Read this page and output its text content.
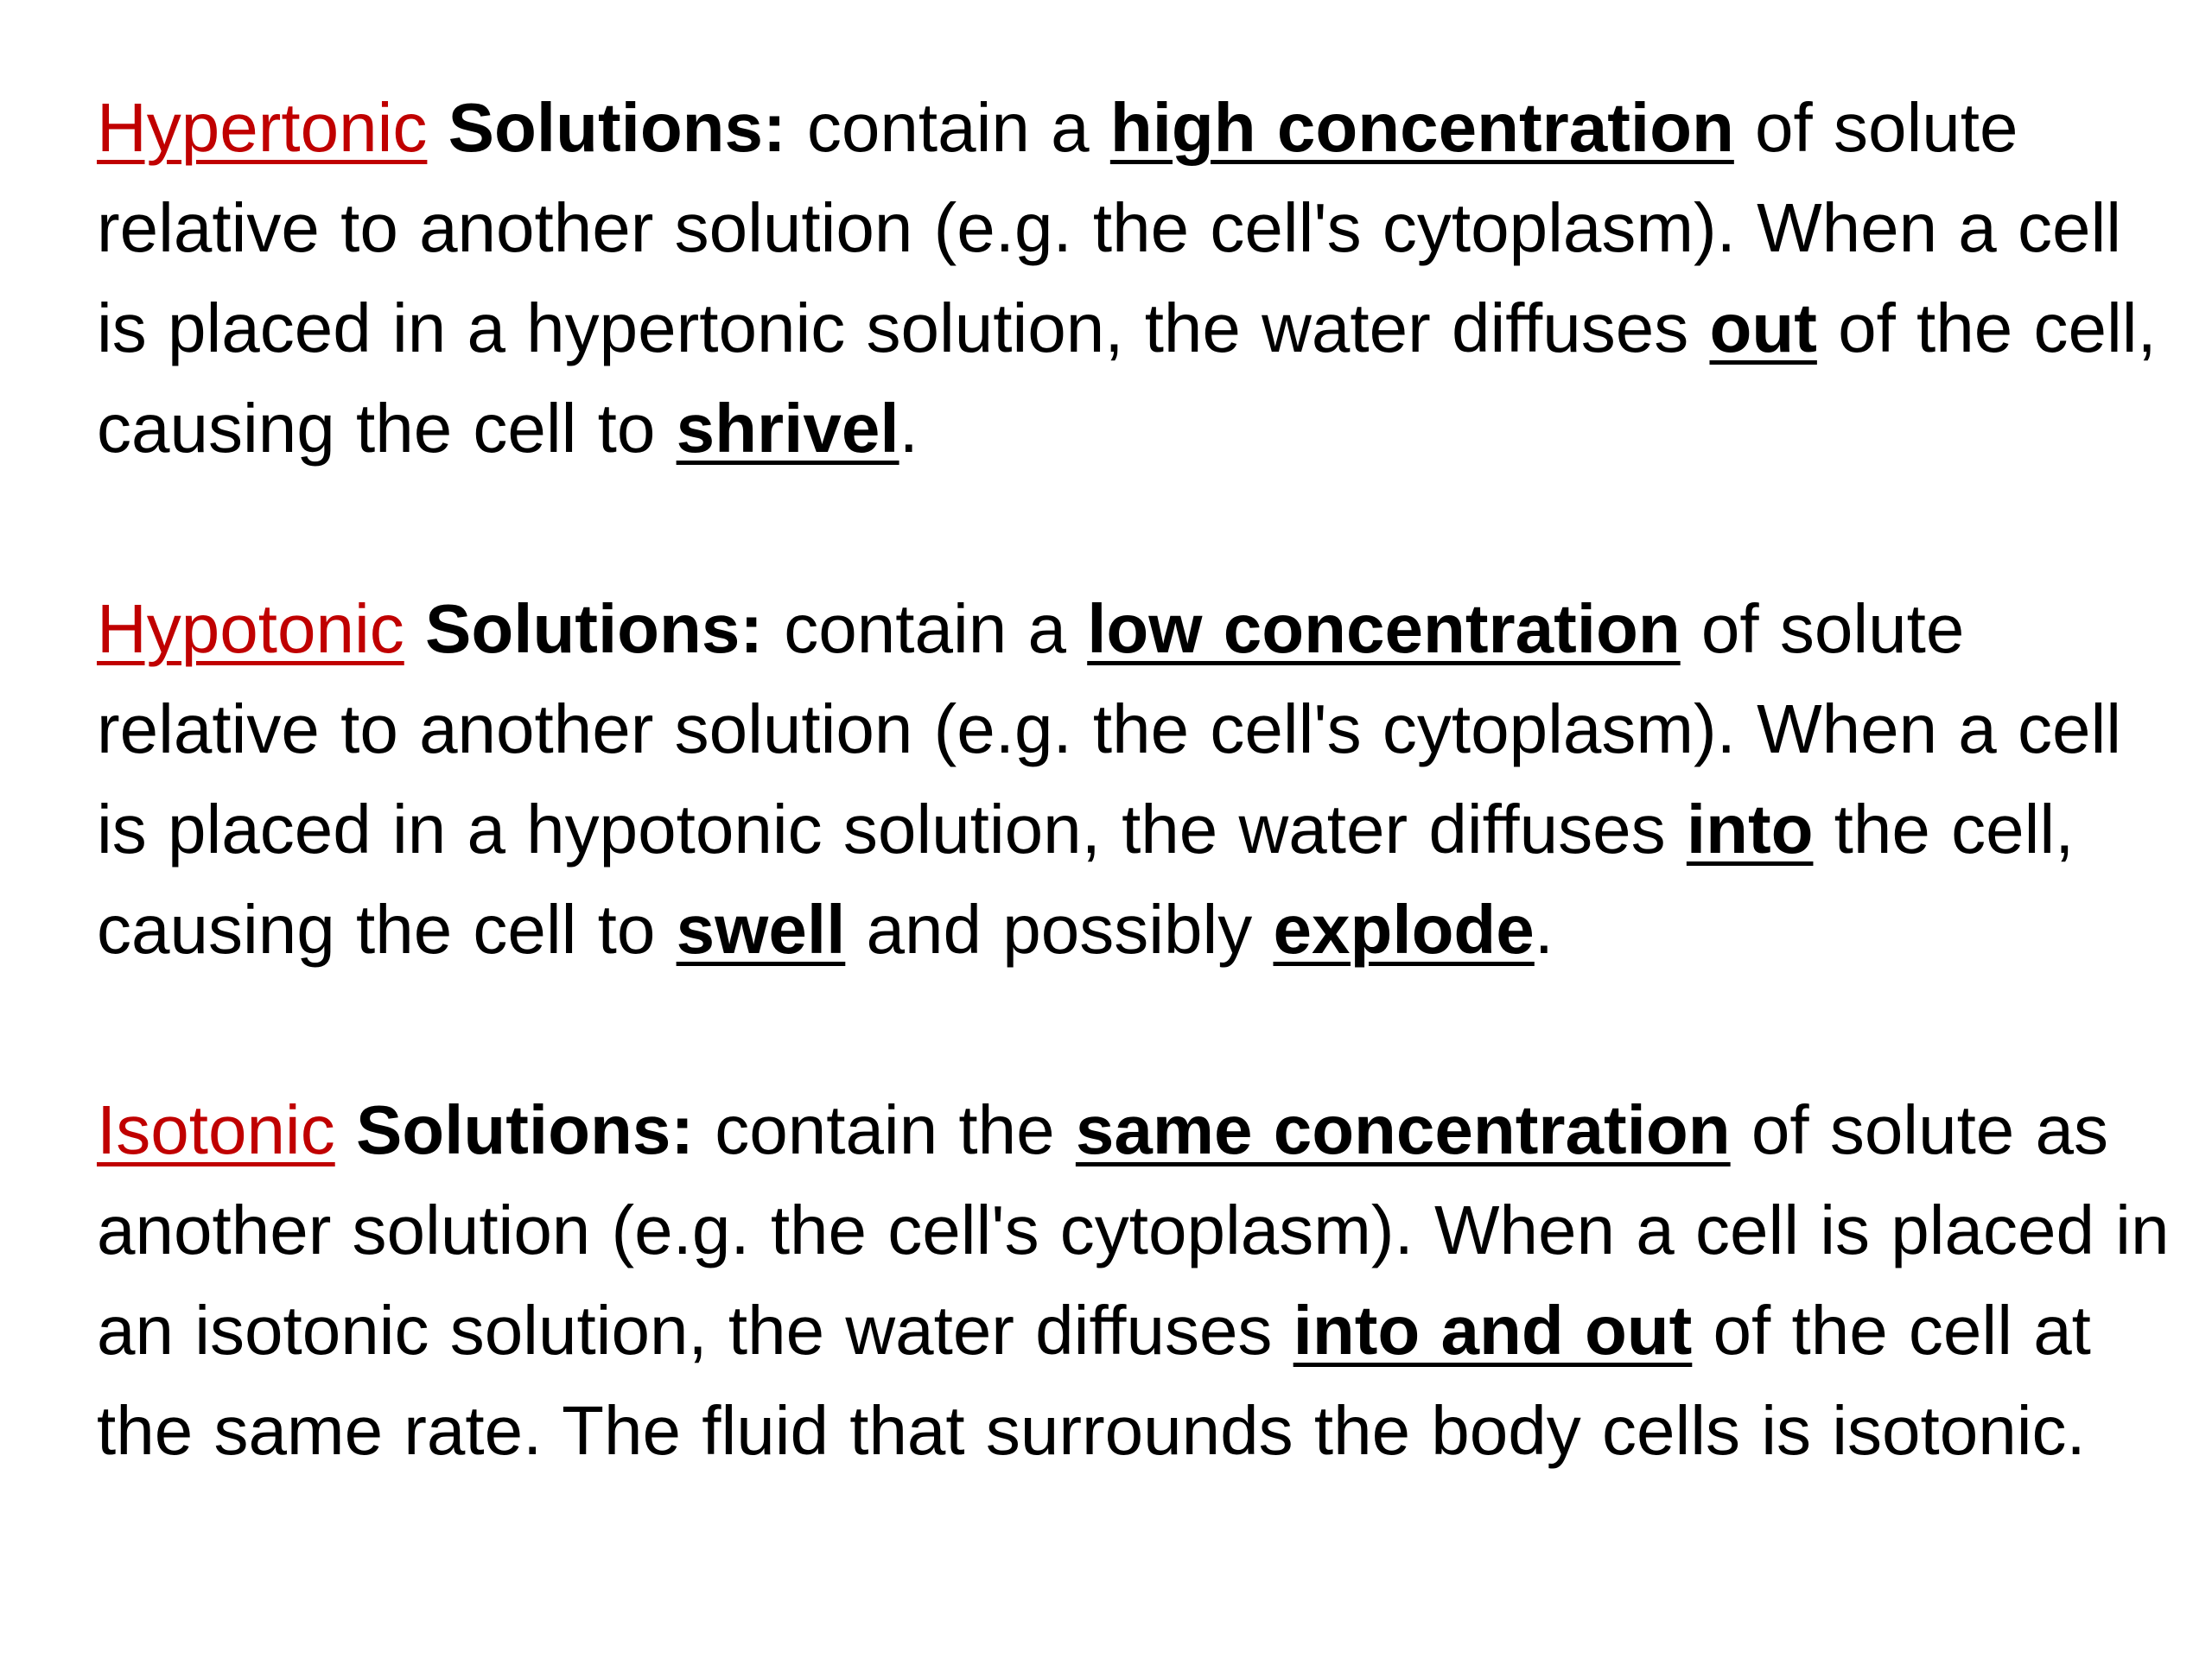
Hypertonic Solutions: contain a high concentration of solute relative to another solution (e.g. the cell's cytoplasm). When a cell is placed in a hypertonic solution, the water diffuses out of the cell, causing the cell to shrivel.

Hypotonic Solutions: contain a low concentration of solute relative to another solution (e.g. the cell's cytoplasm). When a cell is placed in a hypotonic solution, the water diffuses into the cell, causing the cell to swell and possibly explode.

Isotonic Solutions: contain the same concentration of solute as another solution (e.g. the cell's cytoplasm). When a cell is placed in an isotonic solution, the water diffuses into and out of the cell at the same rate. The fluid that surrounds the body cells is isotonic.
